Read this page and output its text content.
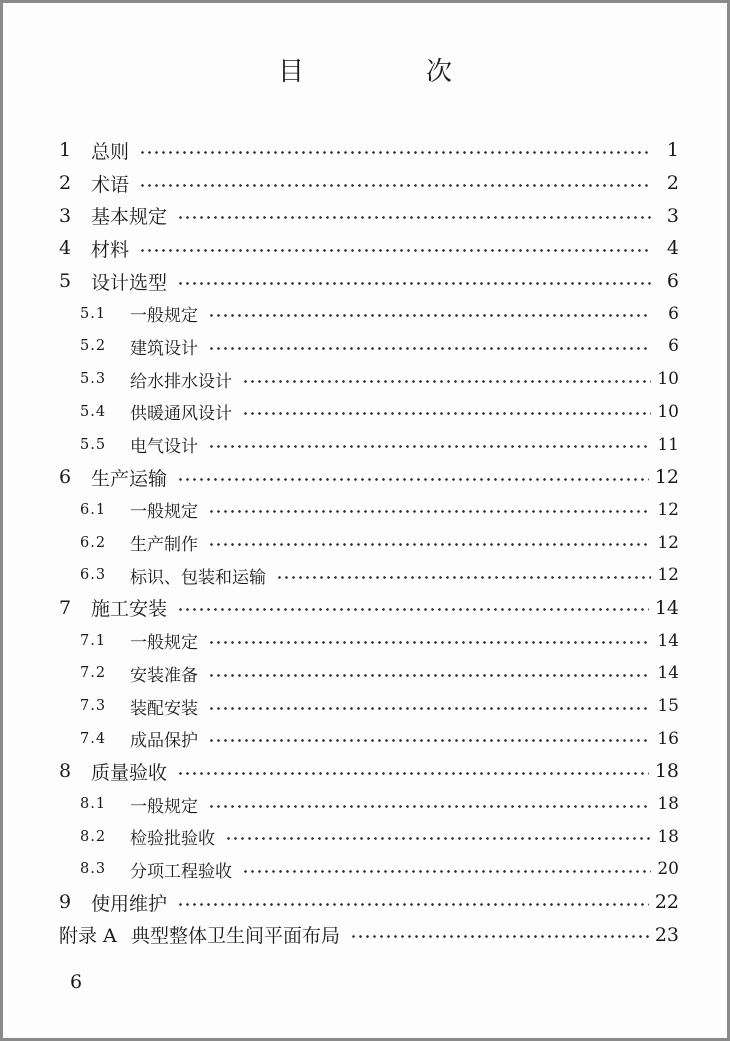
目　次
1	总则	1
2	术语	2
3	基本规定	3
4	材料	4
5	设计选型	6
5.1	一般规定	6
5.2	建筑设计	6
5.3	给水排水设计	10
5.4	供暖通风设计	10
5.5	电气设计	11
6	生产运输	12
6.1	一般规定	12
6.2	生产制作	12
6.3	标识、包装和运输	12
7	施工安装	14
7.1	一般规定	14
7.2	安装准备	14
7.3	装配安装	15
7.4	成品保护	16
8	质量验收	18
8.1	一般规定	18
8.2	检验批验收	18
8.3	分项工程验收	20
9	使用维护	22
附录 A 典型整体卫生间平面布局	23
6
